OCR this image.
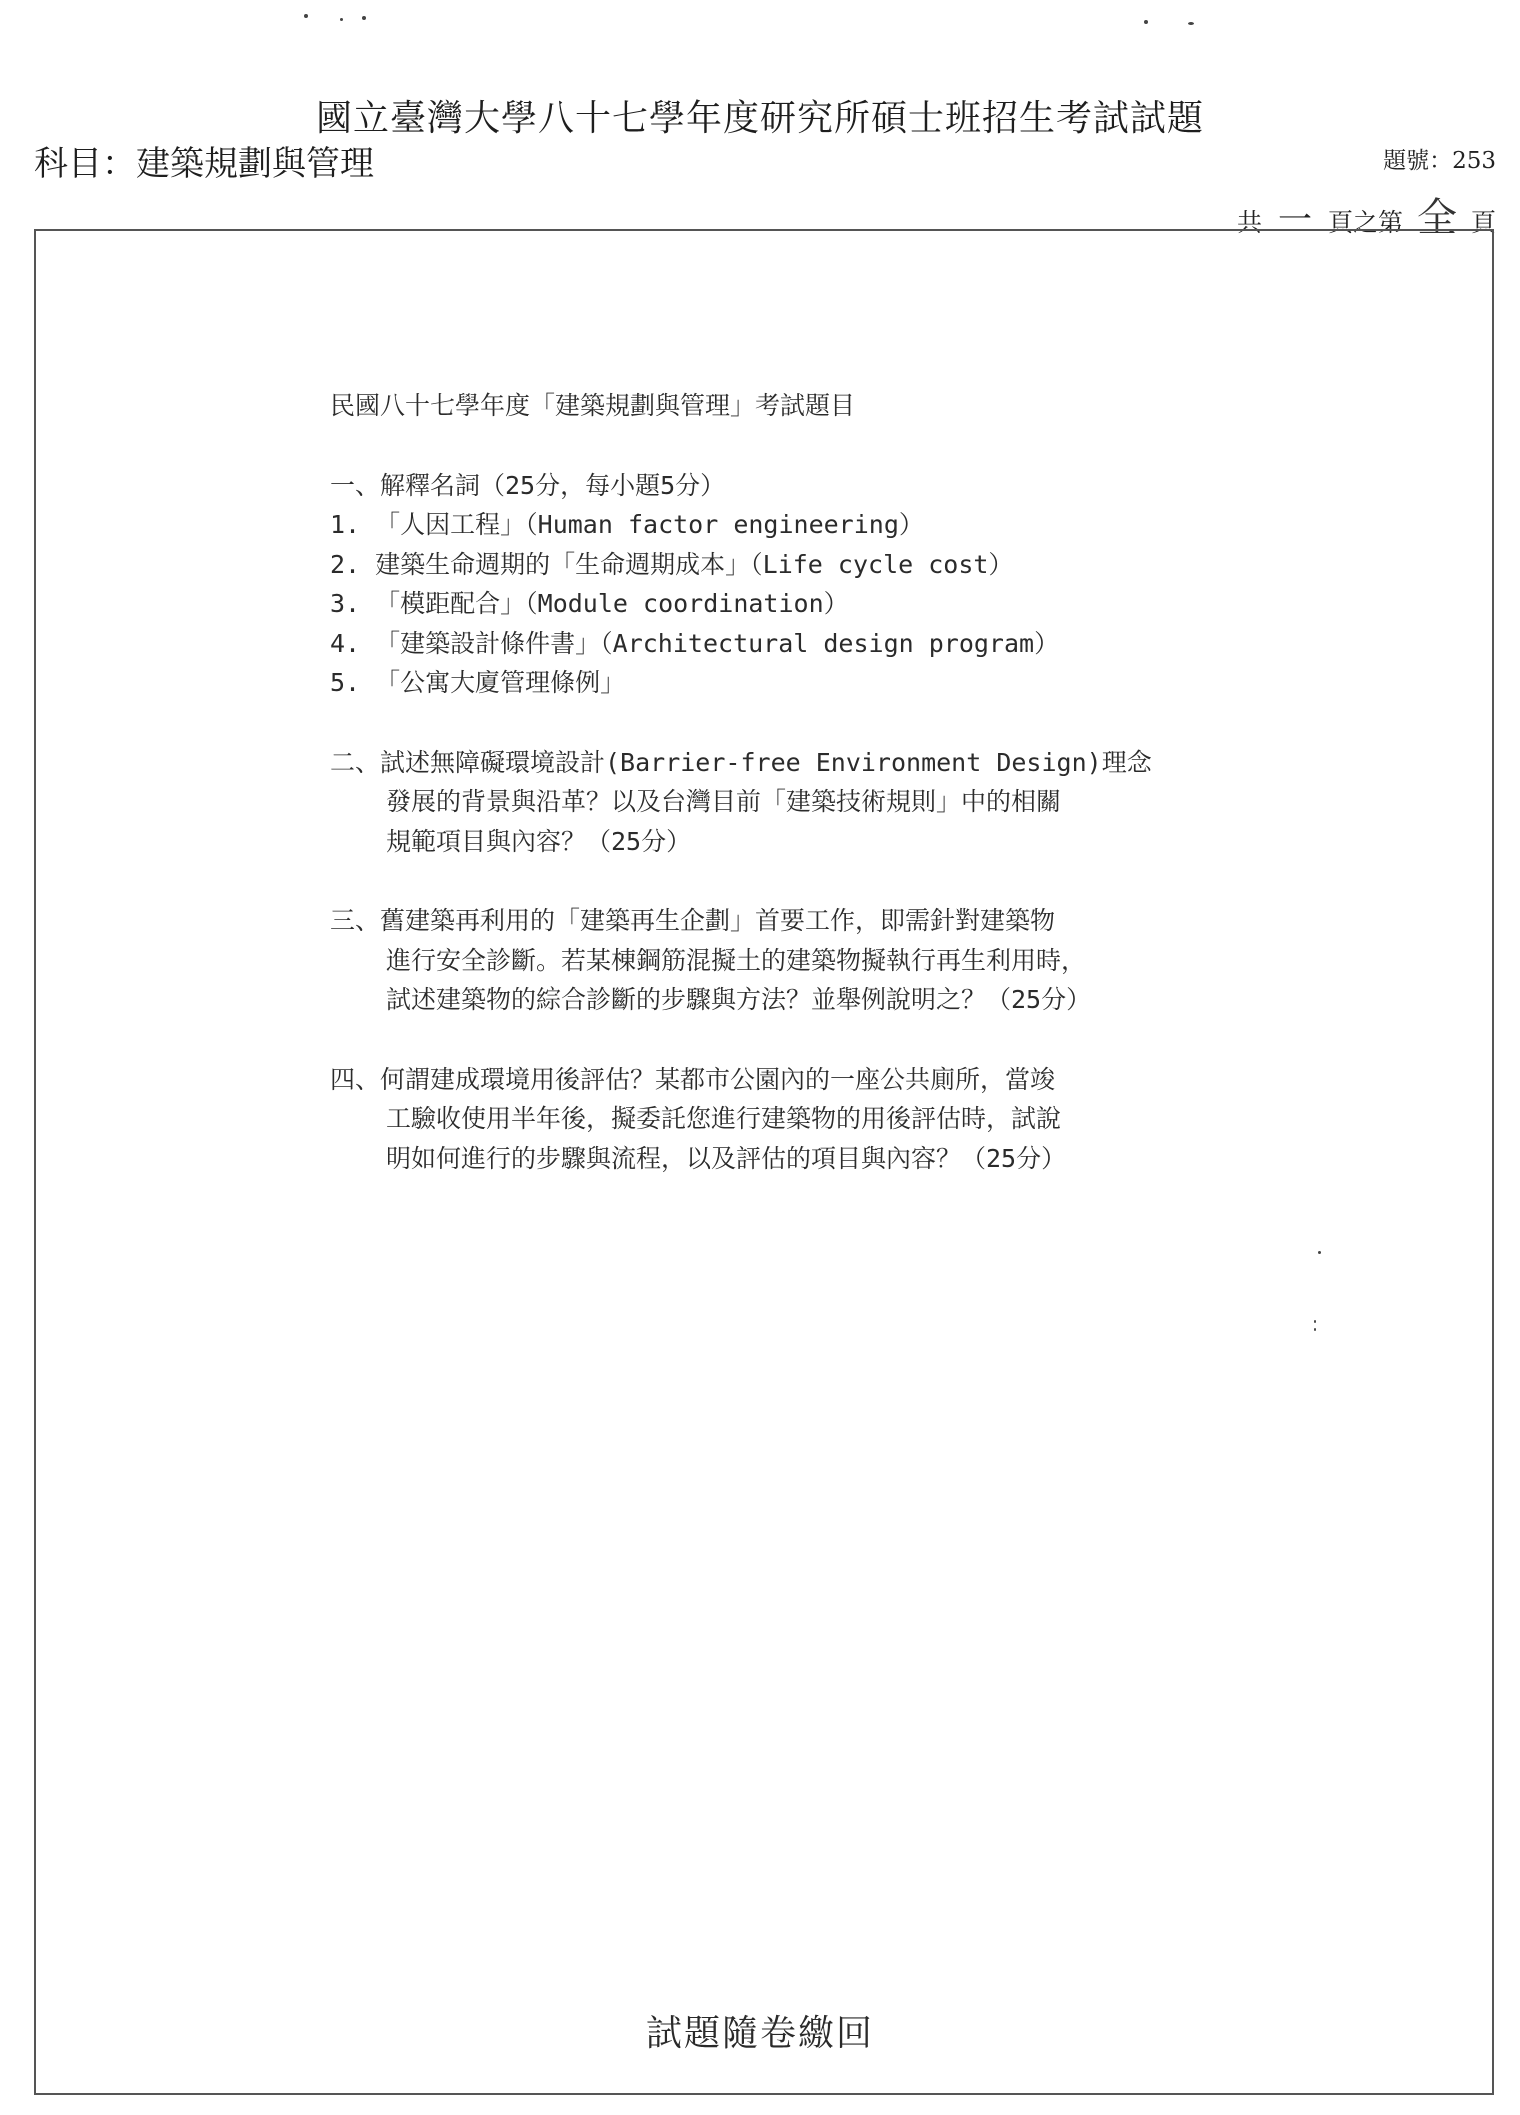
國立臺灣大學八十七學年度研究所碩士班招生考試試題
科目：建築規劃與管理	題號：253
共 一 頁之第 全 頁
民國八十七學年度「建築規劃與管理」考試題目
一、解釋名詞（25分，每小題5分）
1. 「人因工程」（Human factor engineering）
2. 建築生命週期的「生命週期成本」（Life cycle cost）
3. 「模距配合」（Module coordination）
4. 「建築設計條件書」（Architectural design program）
5. 「公寓大廈管理條例」
二、試述無障礙環境設計(Barrier-free Environment Design)理念
發展的背景與沿革？以及台灣目前「建築技術規則」中的相關
規範項目與內容？（25分）
三、舊建築再利用的「建築再生企劃」首要工作，即需針對建築物
進行安全診斷。若某棟鋼筋混擬土的建築物擬執行再生利用時，
試述建築物的綜合診斷的步驟與方法？並舉例說明之？（25分）
四、何謂建成環境用後評估？某都市公園內的一座公共廁所，當竣
工驗收使用半年後，擬委託您進行建築物的用後評估時，試說
明如何進行的步驟與流程，以及評估的項目與內容？（25分）
試題隨卷繳回
